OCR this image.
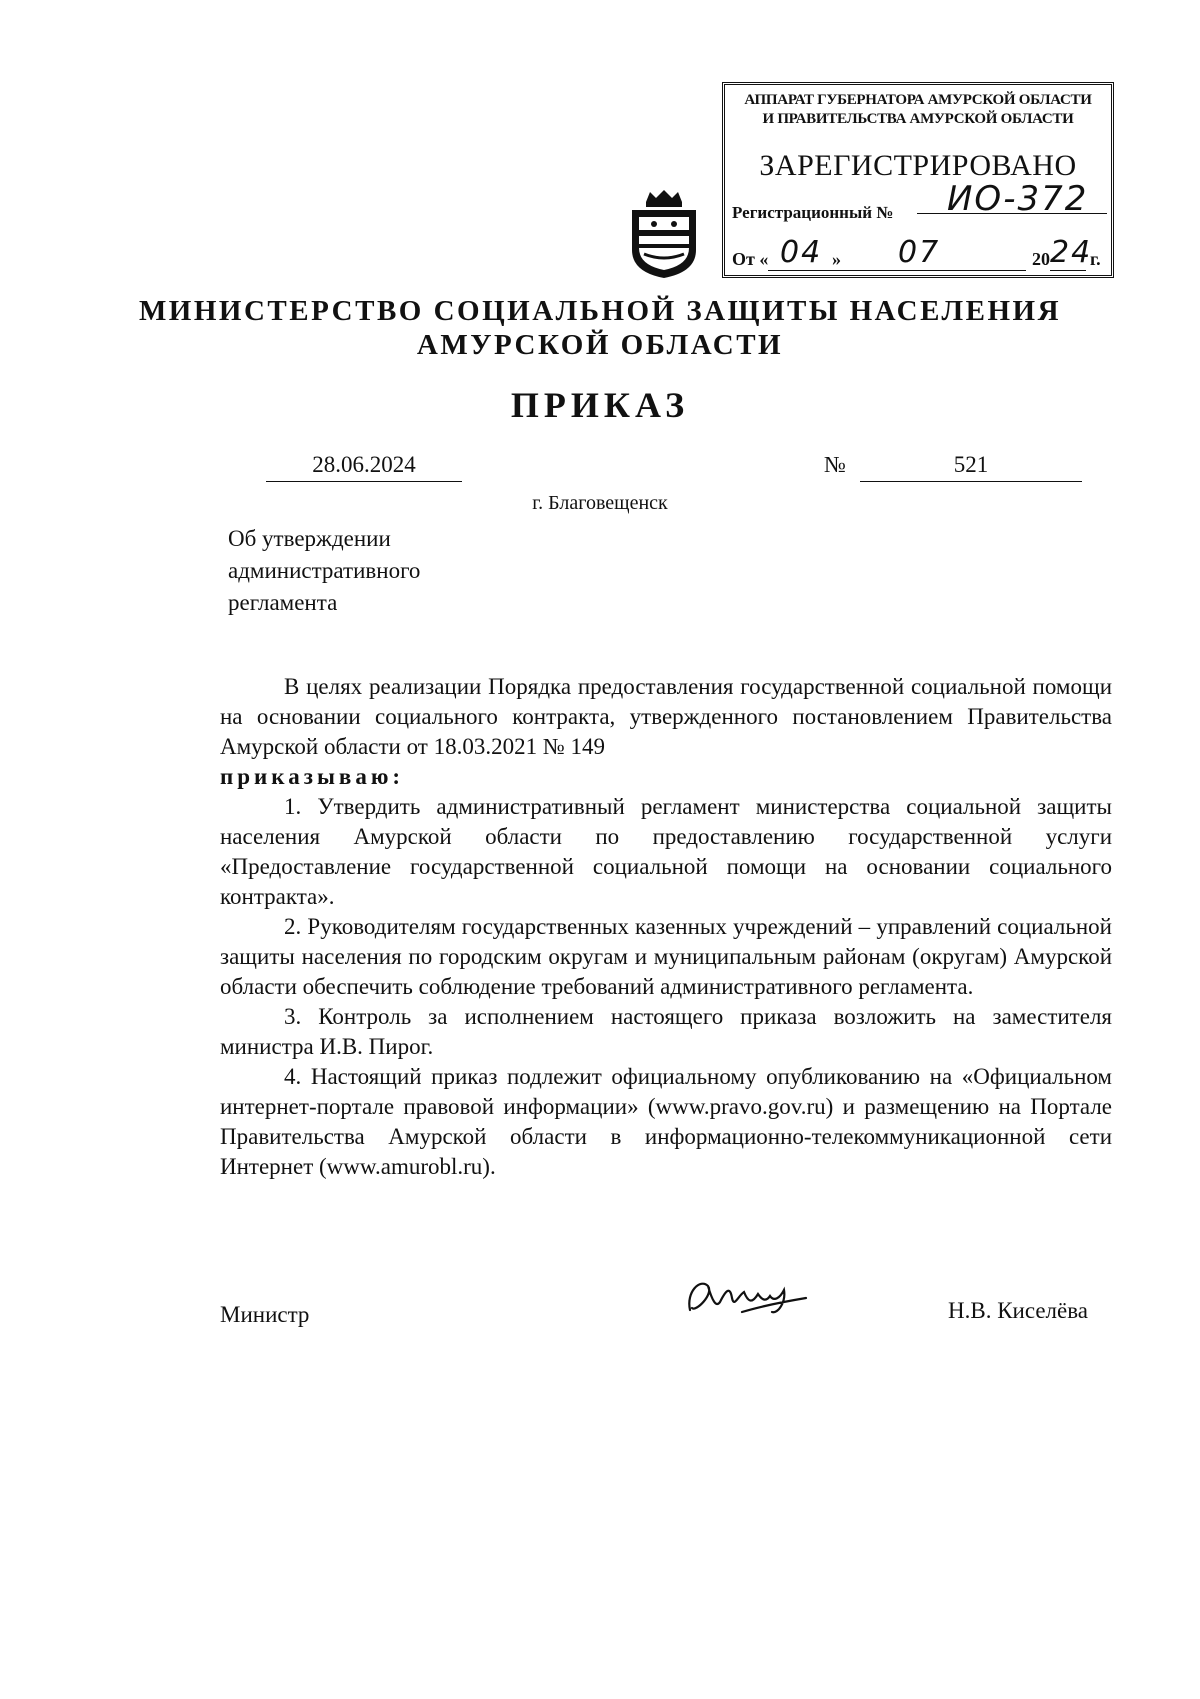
АППАРАТ ГУБЕРНАТОРА АМУРСКОЙ ОБЛАСТИ
И ПРАВИТЕЛЬСТВА АМУРСКОЙ ОБЛАСТИ
ЗАРЕГИСТРИРОВАНО
Регистрационный № ИО-372
От « 04 » 07	20 24
г.
МИНИСТЕРСТВО СОЦИАЛЬНОЙ ЗАЩИТЫ НАСЕЛЕНИЯ
АМУРСКОЙ ОБЛАСТИ
ПРИКАЗ
28.06.2024	№	521
г. Благовещенск
Об утверждении
административного
регламента

В целях реализации Порядка предоставления государственной социальной помощи на основании социального контракта, утвержденного постановлением Правительства Амурской области от 18.03.2021 № 149

приказываю:

1. Утвердить административный регламент министерства социальной защиты населения Амурской области по предоставлению государственной услуги «Предоставление государственной социальной помощи на основании социального контракта».

2. Руководителям государственных казенных учреждений – управлений социальной защиты населения по городским округам и муниципальным районам (округам) Амурской области обеспечить соблюдение требований административного регламента.

3. Контроль за исполнением настоящего приказа возложить на заместителя министра И.В. Пирог.

4. Настоящий приказ подлежит официальному опубликованию на «Официальном интернет-портале правовой информации» (www.pravo.gov.ru) и размещению на Портале Правительства Амурской области в информационно-телекоммуникационной сети Интернет (www.amurobl.ru).

Министр	Н.В. Киселёва
